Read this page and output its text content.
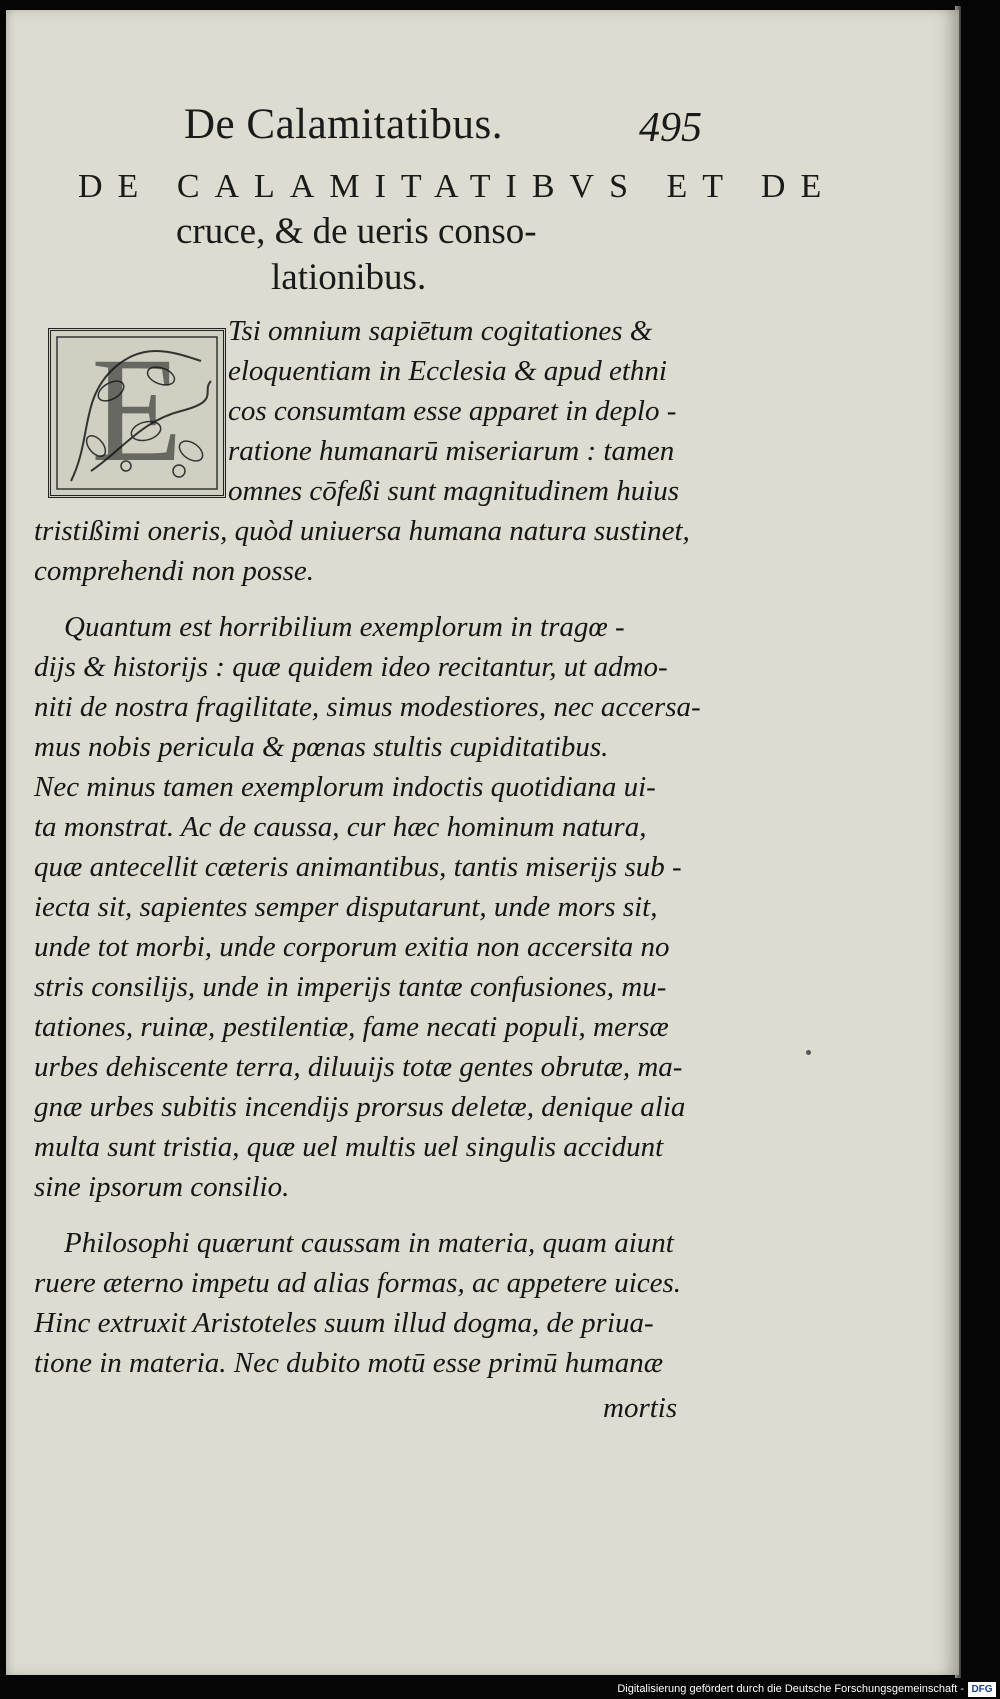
De Calamitatibus.	495
DE CALAMITATIBVS ET DE
cruce, & de ueris conso-
lationibus.
E	Tsi omnium sapiētum cogitationes &
eloquentiam in Ecclesia & apud ethni
cos consumtam esse apparet in deplo -
ratione humanarū miseriarum : tamen
omnes cōfeßi sunt magnitudinem huius
tristißimi oneris, quòd uniuersa humana natura sustinet,
comprehendi non posse.
Quantum est horribilium exemplorum in tragœ -
dijs & historijs : quæ quidem ideo recitantur, ut admo-
niti de nostra fragilitate, simus modestiores, nec accersa-
mus nobis pericula & pœnas stultis cupiditatibus.
Nec minus tamen exemplorum indoctis quotidiana ui-
ta monstrat. Ac de caussa, cur hæc hominum natura,
quæ antecellit cæteris animantibus, tantis miserijs sub -
iecta sit, sapientes semper disputarunt, unde mors sit,
unde tot morbi, unde corporum exitia non accersita no
stris consilijs, unde in imperijs tantæ confusiones, mu-
tationes, ruinæ, pestilentiæ, fame necati populi, mersæ
urbes dehiscente terra, diluuijs totæ gentes obrutæ, ma-
gnæ urbes subitis incendijs prorsus deletæ, denique alia
multa sunt tristia, quæ uel multis uel singulis accidunt
sine ipsorum consilio.
Philosophi quærunt caussam in materia, quam aiunt
ruere æterno impetu ad alias formas, ac appetere uices.
Hinc extruxit Aristoteles suum illud dogma, de priua-
tione in materia. Nec dubito motū esse primū humanæ
mortis
Digitalisierung gefördert durch die Deutsche Forschungsgemeinschaft - DFG
